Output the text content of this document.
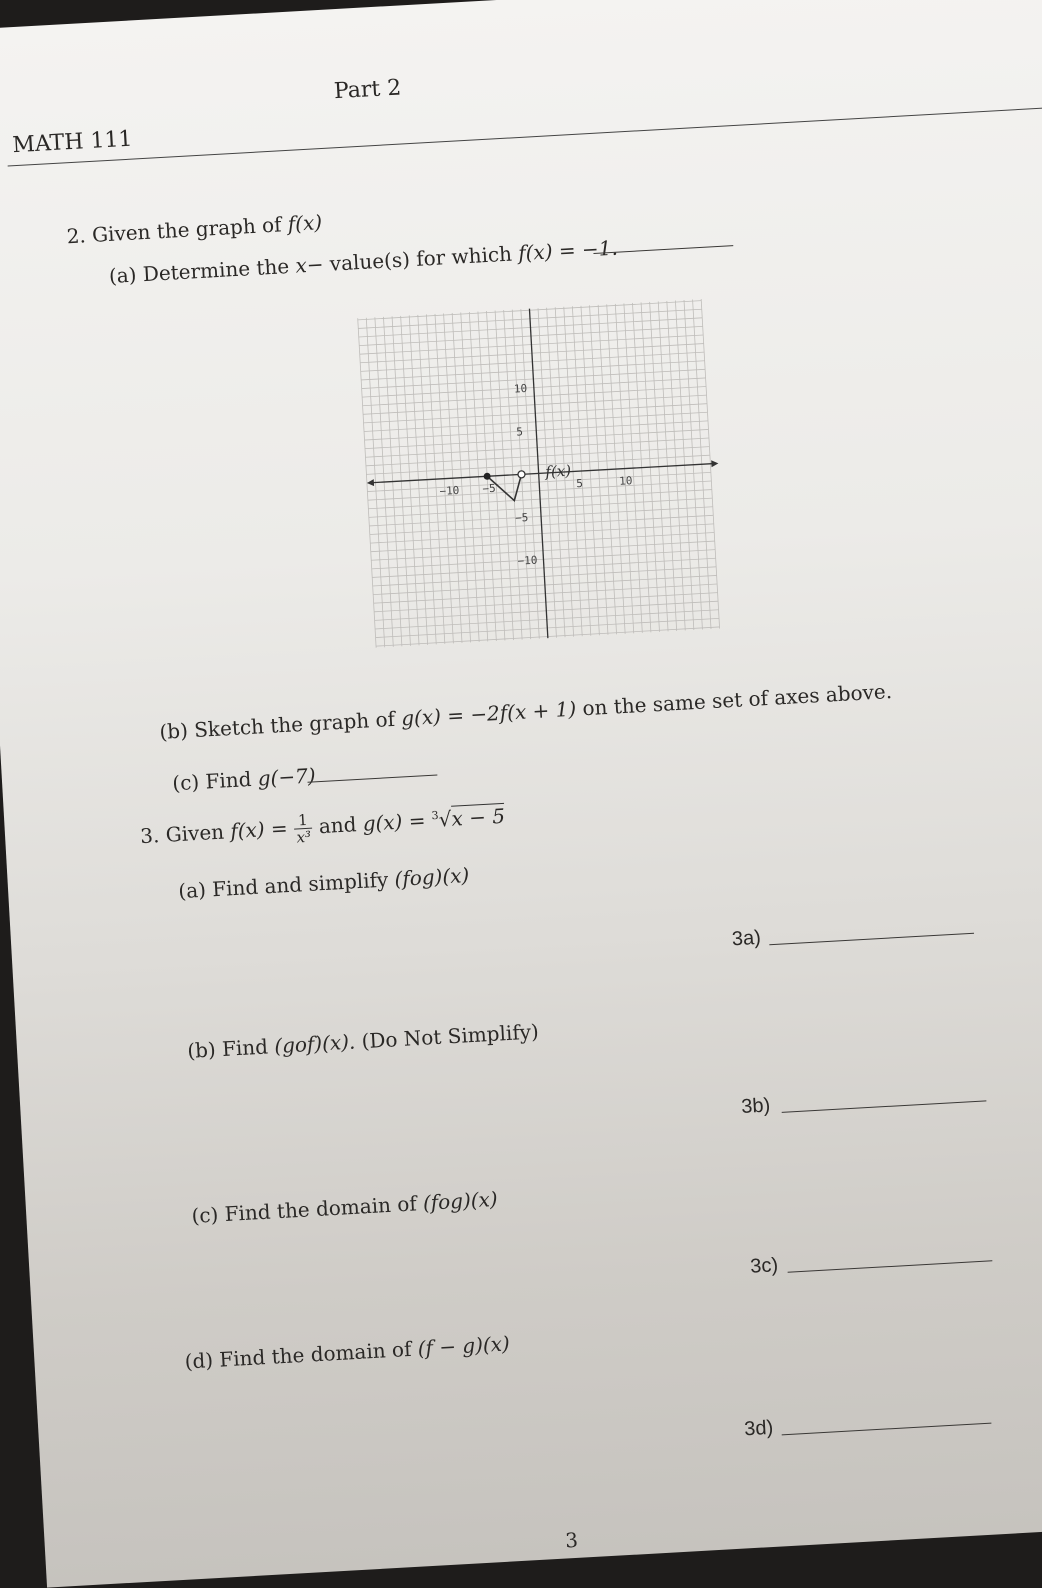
MATH 111
Part 2
2. Given the graph of f(x)
(a) Determine the x− value(s) for which f(x) = −1.
−10 −5	5	10
10
5
−5
−10
f(x)
(b) Sketch the graph of g(x) = −2f(x + 1) on the same set of axes above.
(c) Find g(−7)
3. Given f(x) =
$\frac{1}{\text{x³}}$
and g(x) = $^3$√x − 5
(a) Find and simplify (fog)(x)
3a)
(b) Find (gof)(x). (Do Not Simplify)
3b)
(c) Find the domain of (fog)(x)
3c)
(d) Find the domain of (f − g)(x)
3d)
3
